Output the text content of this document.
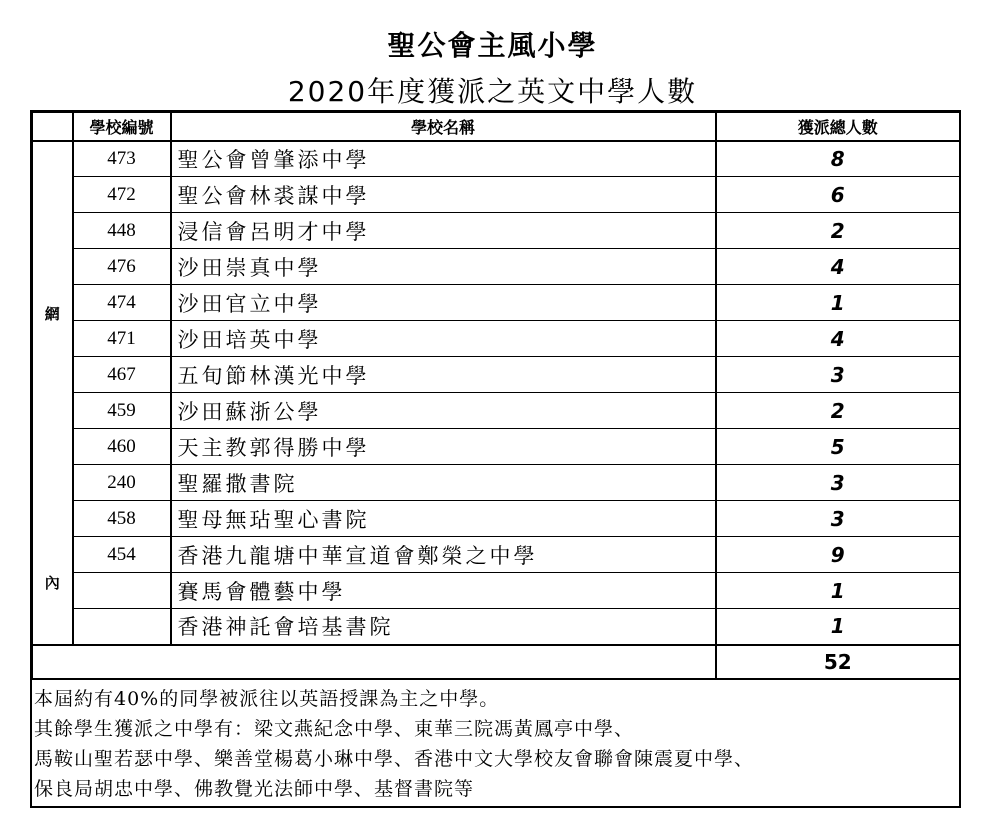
聖公會主風小學
2020年度獲派之英文中學人數
	學校編號	學校名稱	獲派總人數

網
內	473	聖公會曾肇添中學	8
	472	聖公會林裘謀中學	6
	448	浸信會呂明才中學	2
	476	沙田崇真中學	4
	474	沙田官立中學	1
	471	沙田培英中學	4
	467	五旬節林漢光中學	3
	459	沙田蘇浙公學	2
	460	天主教郭得勝中學	5
	240	聖羅撒書院	3
	458	聖母無玷聖心書院	3
	454	香港九龍塘中華宣道會鄭榮之中學	9
		賽馬會體藝中學	1
		香港神託會培基書院	1
			52
本屆約有40%的同學被派往以英語授課為主之中學。
其餘學生獲派之中學有：梁文燕紀念中學、東華三院馮黃鳳亭中學、
馬鞍山聖若瑟中學、樂善堂楊葛小琳中學、香港中文大學校友會聯會陳震夏中學、
保良局胡忠中學、佛教覺光法師中學、基督書院等
